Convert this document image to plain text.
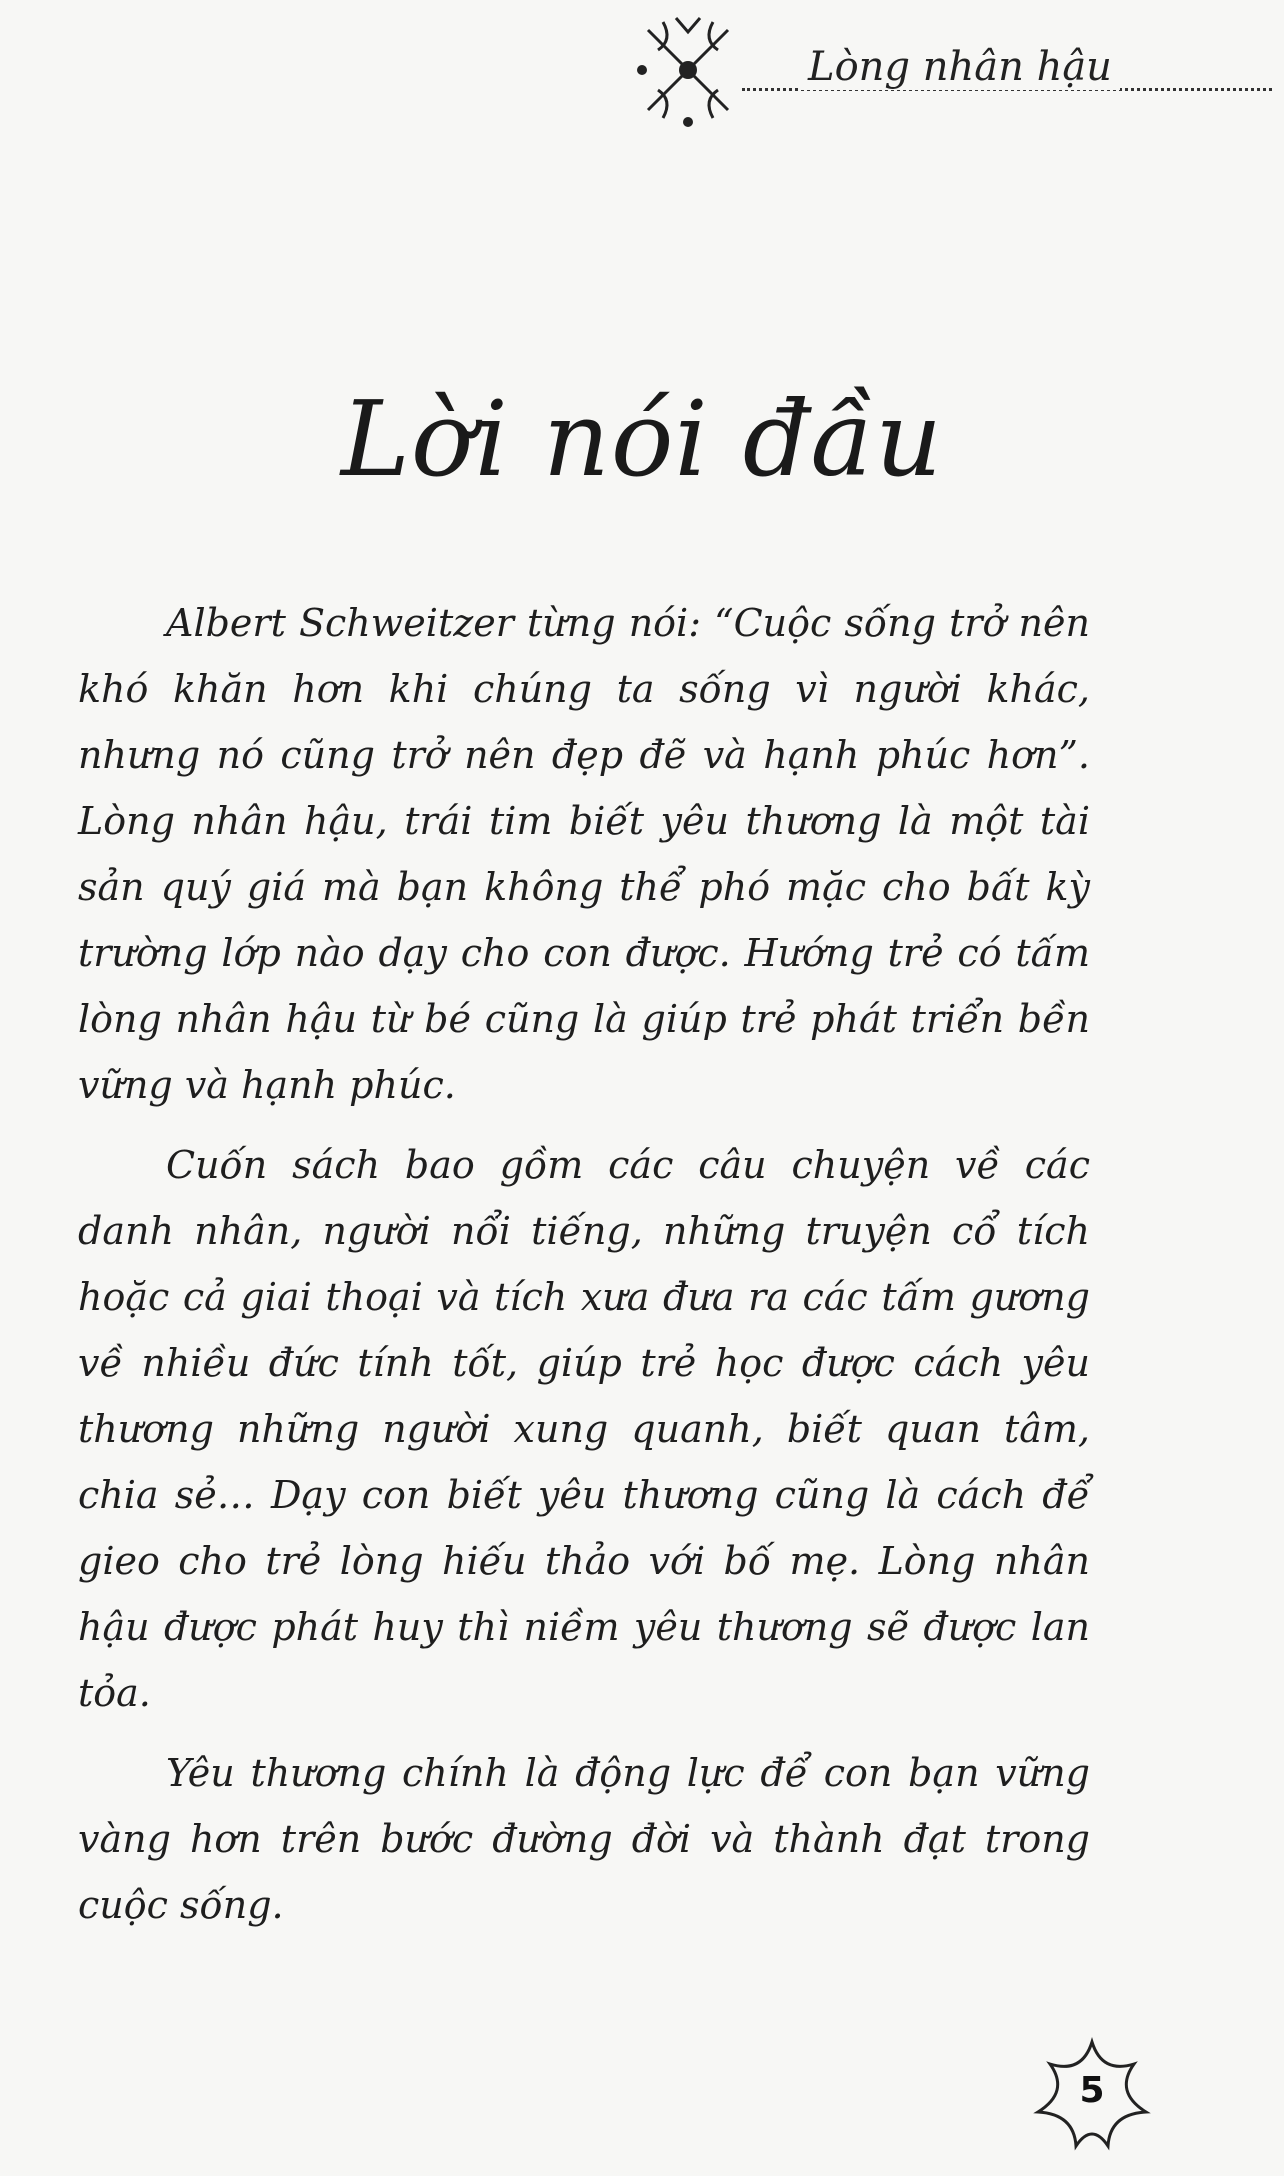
Lòng nhân hậu
Lời nói đầu

Albert Schweitzer từng nói: “Cuộc sống trở nên khó khăn hơn khi chúng ta sống vì người khác, nhưng nó cũng trở nên đẹp đẽ và hạnh phúc hơn”. Lòng nhân hậu, trái tim biết yêu thương là một tài sản quý giá mà bạn không thể phó mặc cho bất kỳ trường lớp nào dạy cho con được. Hướng trẻ có tấm lòng nhân hậu từ bé cũng là giúp trẻ phát triển bền vững và hạnh phúc.

Cuốn sách bao gồm các câu chuyện về các danh nhân, người nổi tiếng, những truyện cổ tích hoặc cả giai thoại và tích xưa đưa ra các tấm gương về nhiều đức tính tốt, giúp trẻ học được cách yêu thương những người xung quanh, biết quan tâm, chia sẻ… Dạy con biết yêu thương cũng là cách để gieo cho trẻ lòng hiếu thảo với bố mẹ. Lòng nhân hậu được phát huy thì niềm yêu thương sẽ được lan tỏa.

Yêu thương chính là động lực để con bạn vững vàng hơn trên bước đường đời và thành đạt trong cuộc sống.

5
